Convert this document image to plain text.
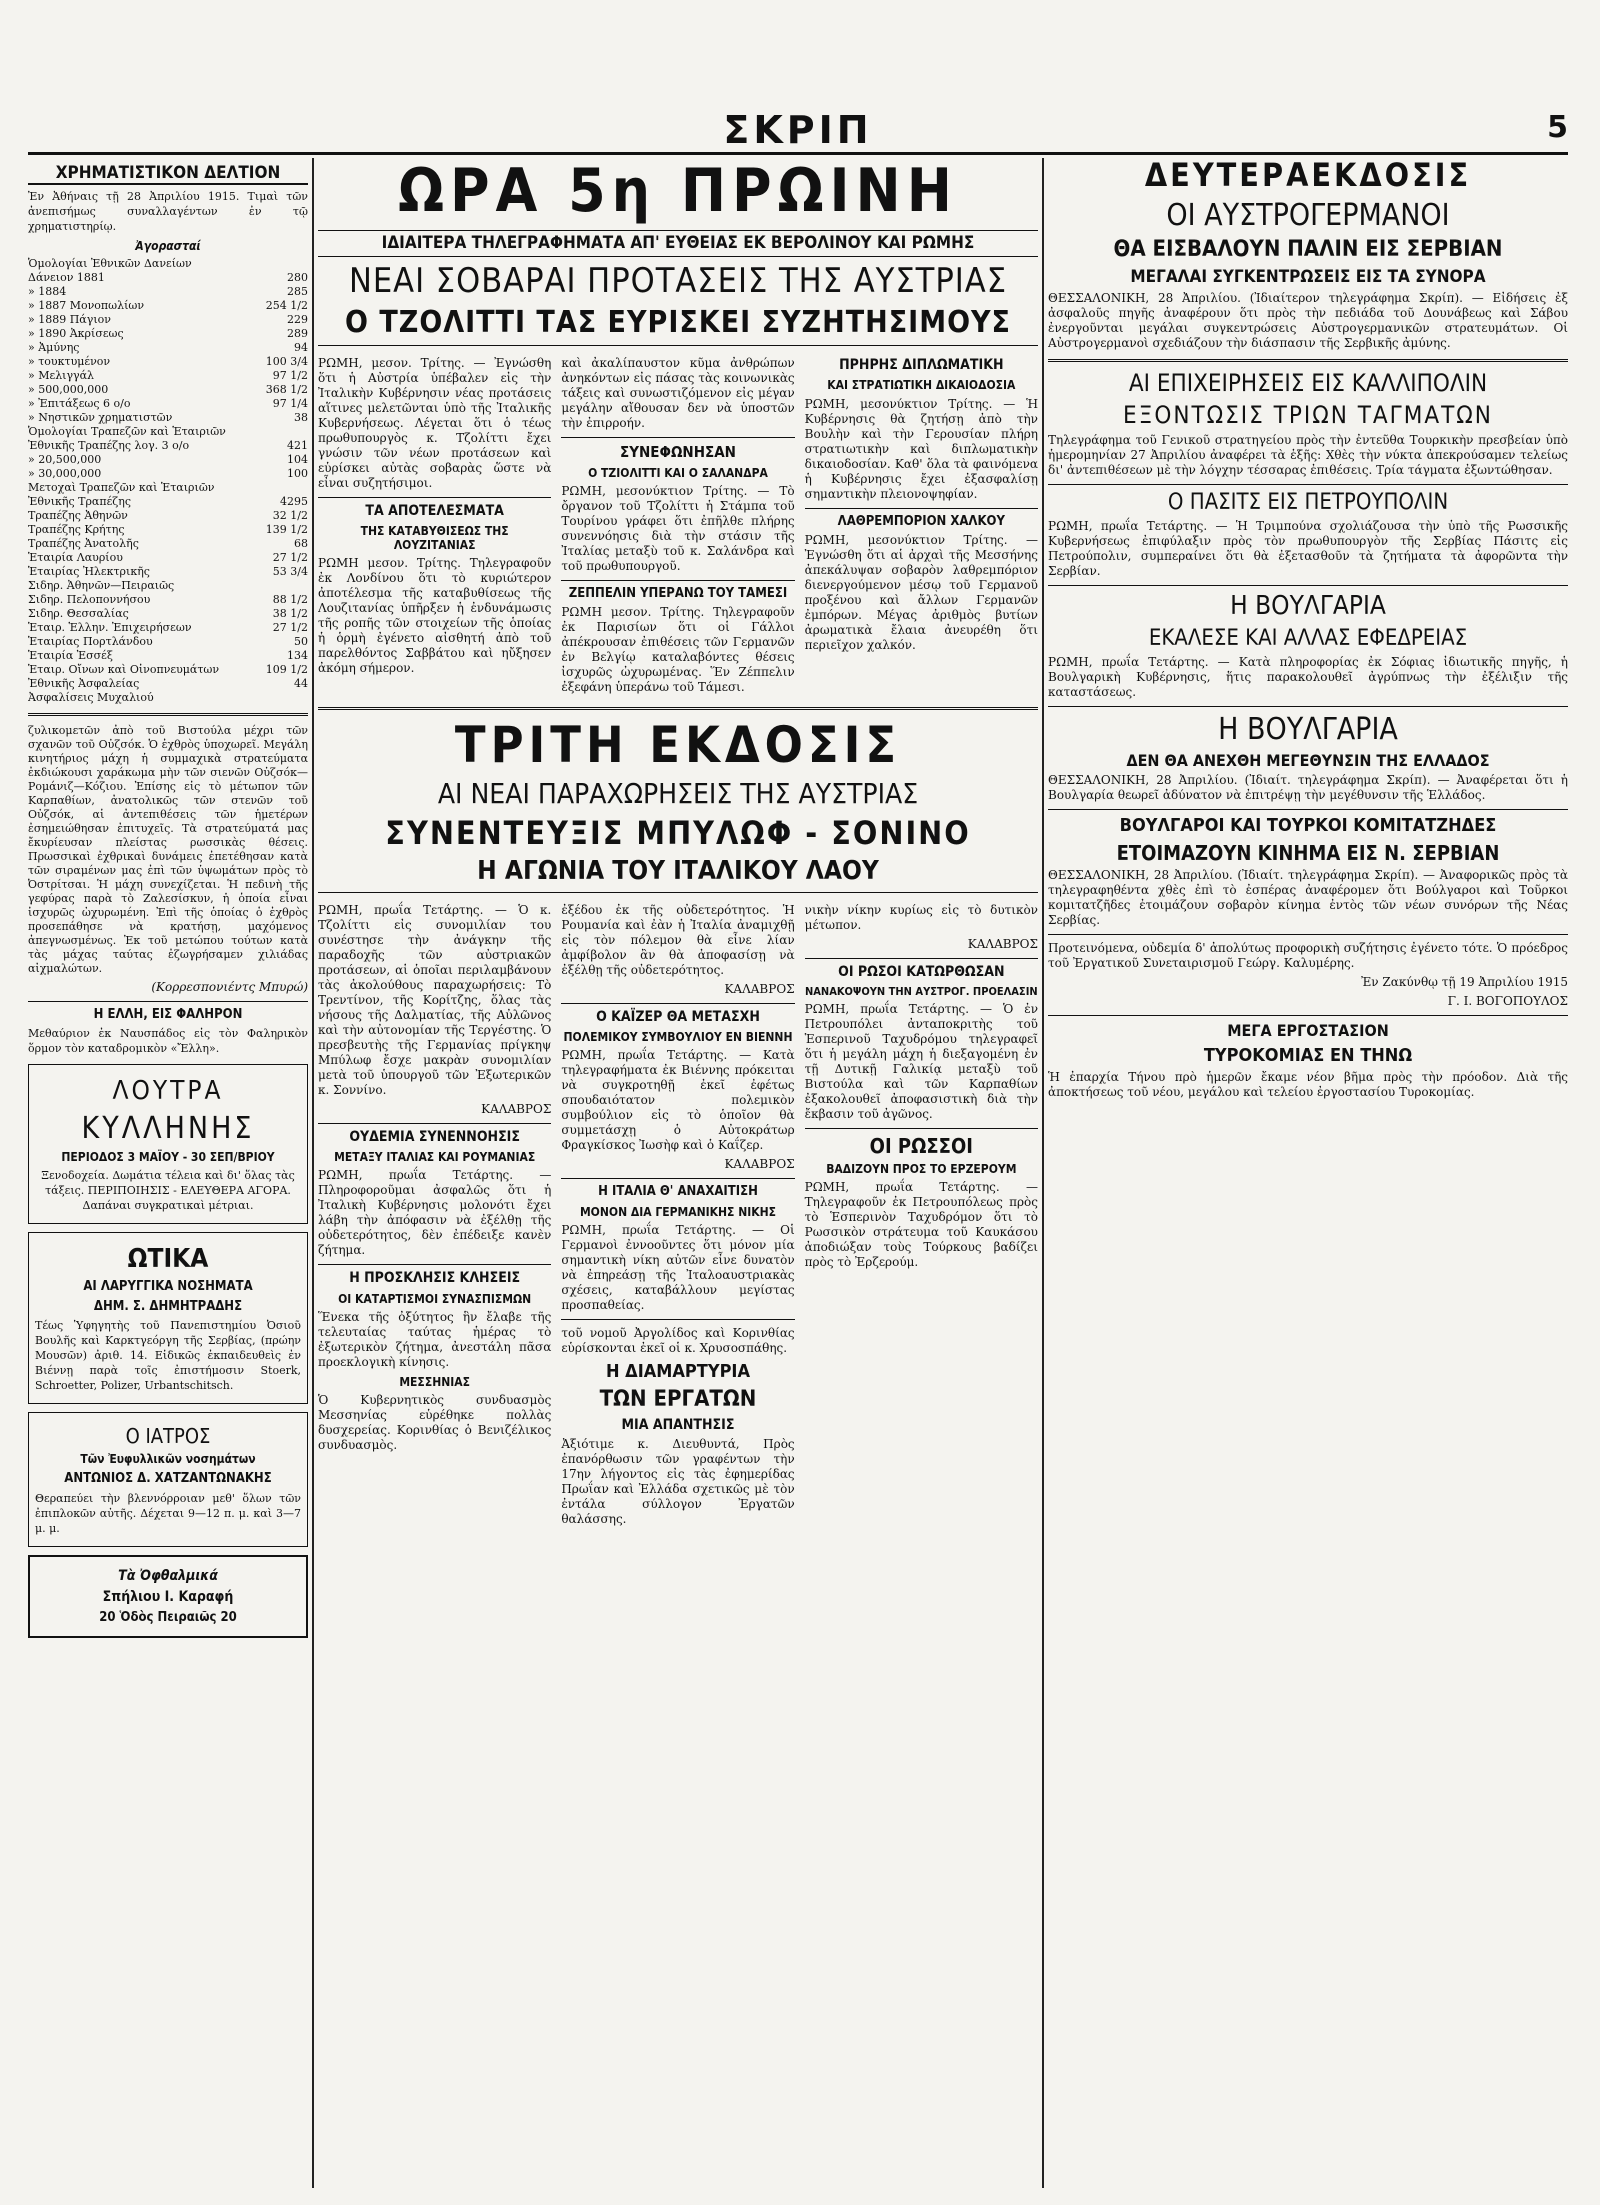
ΣΚΡΙΠ	5
ΧΡΗΜΑΤΙΣΤΙΚΟΝ ΔΕΛΤΙΟΝ
Ἐν Ἀθήναις τῇ 28 Ἀπριλίου 1915. Τιμαὶ τῶν ἀνεπισήμως συναλλαγέντων ἐν τῷ χρηματιστηρίῳ.
Ἀγορασταί
Ὁμολογίαι Ἐθνικῶν Δανείων
Δάνειον 1881	280
» 1884	285
» 1887 Μονοπωλίων	254 1/2
» 1889 Πάγιον	229
» 1890 Ἀκρίσεως	289
» Ἀμύνης	94
» τουκτυμένον	100 3/4
» Μελιγγάλ	97 1/2
» 500,000,000	368 1/2
» Ἐπιτάξεως 6 ο/ο	97 1/4
» Νηστικῶν χρηματιστῶν	38
Ὁμολογίαι Τραπεζῶν καὶ Ἑταιριῶν
Ἐθνικῆς Τραπέζης λογ. 3 ο/ο	421
» 20,500,000	104
» 30,000,000	100
Μετοχαὶ Τραπεζῶν καὶ Ἑταιριῶν
Ἐθνικῆς Τραπέζης	4295
Τραπέζης Ἀθηνῶν	32 1/2
Τραπέζης Κρήτης	139 1/2
Τραπέζης Ἀνατολῆς	68
Ἑταιρία Λαυρίου	27 1/2
Ἑταιρίας Ἠλεκτρικῆς	53 3/4
Σιδηρ. Ἀθηνῶν—Πειραιῶς
Σιδηρ. Πελοποννήσου	88 1/2
Σιδηρ. Θεσσαλίας	38 1/2
Ἑταιρ. Ἑλλην. Ἐπιχειρήσεων	27 1/2
Ἑταιρίας Πορτλάνδου	50
Ἑταιρία Ἐσσέξ	134
Ἑταιρ. Οἴνων καὶ Οἰνοπνευμάτων	109 1/2
Ἐθνικῆς Ἀσφαλείας	44
Ἀσφαλίσεις Μυχαλιού
ζυλικομετῶν ἀπὸ τοῦ Βιστούλα μέχρι τῶν σχανῶν τοῦ Οὐζσόκ. Ὁ ἐχθρὸς ὑποχωρεῖ. Μεγάλη κινητήριος μάχη ἡ συμμαχικὰ στρατεύματα ἐκδιώκουσι χαράκωμα μὴν τῶν σιενῶν Οὐζσόκ—Ρομάνιζ—Κόζιου. Ἐπίσης εἰς τὸ μέτωπον τῶν Καρπαθίων, ἀνατολικῶς τῶν στενῶν τοῦ Οὐζσόκ, αἱ ἀντεπιθέσεις τῶν ἡμετέρων ἐσημειώθησαν ἐπιτυχεῖς. Τὰ στρατεύματά μας ἔκυρίευσαν πλείστας ρωσσικὰς θέσεις. Πρωσσικαὶ ἐχθρικαὶ δυνάμεις ἐπετέθησαν κατὰ τῶν σιραμένων μας ἐπὶ τῶν ὑψωμάτων πρὸς τὸ Ὀστρίτσαι. Ἡ μάχη συνεχίζεται. Ἡ πεδινὴ τῆς γεφύρας παρὰ τὸ Ζαλεσίσκυν, ἡ ὁποία εἶναι ἰσχυρῶς ὠχυρωμένη. Ἐπὶ τῆς ὁποίας ὁ ἐχθρὸς προσεπάθησε νὰ κρατήσῃ, μαχόμενος ἀπεγνωσμένως. Ἐκ τοῦ μετώπου τούτων κατὰ τὰς μάχας ταύτας ἐζωγρήσαμεν χιλιάδας αἰχμαλώτων.
(Κορρεσπονιέντς Μπυρώ)
Η ΕΛΛΗ, ΕΙΣ ΦΑΛΗΡΟΝ
Μεθαύριον ἐκ Ναυσπάδος εἰς τὸν Φαληρικὸν ὅρμον τὸν καταδρομικὸν «Ἔλλη».
ΛΟΥΤΡΑ
ΚΥΛΛΗΝΗΣ
ΠΕΡΙΟΔΟΣ 3 ΜΑΪΟΥ - 30 ΣΕΠ/ΒΡΙΟΥ
Ξενοδοχεία. Δωμάτια τέλεια καὶ δι' ὅλας τὰς τάξεις. ΠΕΡΙΠΟΙΗΣΙΣ - ΕΛΕΥΘΕΡΑ ΑΓΟΡΑ. Δαπάναι συγκρατικαὶ μέτριαι.
ΩΤΙΚΑ
ΑΙ ΛΑΡΥΓΓΙΚΑ ΝΟΣΗΜΑΤΑ
ΔΗΜ. Σ. ΔΗΜΗΤΡΑΔΗΣ
Τέως Ὑφηγητὴς τοῦ Πανεπιστημίου Ὀσιοῦ Βουλῆς καὶ Καρκτγεόργη τῆς Σερβίας, (πρώην Μουσῶν) ἀριθ. 14. Εἰδικῶς ἐκπαιδευθεὶς ἐν Βιέννῃ παρὰ τοῖς ἐπιστήμοσιν Stoerk, Schroetter, Polizer, Urbantschitsch.
Ο ΙΑΤΡΟΣ
Τῶν Ἐυφυλλικῶν νοσημάτων
ΑΝΤΩΝΙΟΣ Δ. ΧΑΤΖΑΝΤΩΝΑΚΗΣ
Θεραπεύει τὴν βλεννόρροιαν μεθ' ὅλων τῶν ἐπιπλοκῶν αὐτῆς. Δέχεται 9—12 π. μ. καὶ 3—7 μ. μ.
Τὰ Ὀφθαλμικά
Σπήλιου Ι. Καραφή
20 Ὁδὸς Πειραιῶς 20
ΩΡΑ 5η ΠΡΩΙΝΗ
ΙΔΙΑΙΤΕΡΑ ΤΗΛΕΓΡΑΦΗΜΑΤΑ ΑΠ' ΕΥΘΕΙΑΣ ΕΚ ΒΕΡΟΛΙΝΟΥ ΚΑΙ ΡΩΜΗΣ
ΝΕΑΙ ΣΟΒΑΡΑΙ ΠΡΟΤΑΣΕΙΣ ΤΗΣ ΑΥΣΤΡΙΑΣ
Ο ΤΖΟΛΙΤΤΙ ΤΑΣ ΕΥΡΙΣΚΕΙ ΣΥΖΗΤΗΣΙΜΟΥΣ
ΡΩΜΗ, μεσον. Τρίτης. — Ἐγνώσθη ὅτι ἡ Αὐστρία ὑπέβαλεν εἰς τὴν Ἰταλικὴν Κυβέρνησιν νέας προτάσεις αἵτινες μελετῶνται ὑπὸ τῆς Ἰταλικῆς Κυβερνήσεως. Λέγεται ὅτι ὁ τέως πρωθυπουργὸς κ. Τζολίττι ἔχει γνώσιν τῶν νέων προτάσεων καὶ εὑρίσκει αὐτὰς σοβαρὰς ὥστε νὰ εἶναι συζητήσιμοι.
ΤΑ ΑΠΟΤΕΛΕΣΜΑΤΑ
ΤΗΣ ΚΑΤΑΒΥΘΙΣΕΩΣ ΤΗΣ ΛΟΥΖΙΤΑΝΙΑΣ
ΡΩΜΗ μεσον. Τρίτης. Τηλεγραφοῦν ἐκ Λονδίνου ὅτι τὸ κυριώτερον ἀποτέλεσμα τῆς καταβυθίσεως τῆς Λουζιτανίας ὑπῆρξεν ἡ ἐνδυνάμωσις τῆς ροπῆς τῶν στοιχείων τῆς ὁποίας ἡ ὁρμὴ ἐγένετο αἰσθητή ἀπὸ τοῦ παρελθόντος Σαββάτου καὶ ηὔξησεν ἀκόμη σήμερον.
καὶ ἀκαλίπαυστον κῦμα ἀνθρώπων ἀνηκόντων εἰς πάσας τὰς κοινωνικὰς τάξεις καὶ συνωστιζόμενον εἰς μέγαν μεγάλην αἴθουσαν δεν νὰ ὑποστῶν τὴν ἐπιρροήν.
ΣΥΝΕΦΩΝΗΣΑΝ
Ο ΤΖΙΟΛΙΤΤΙ ΚΑΙ Ο ΣΑΛΑΝΔΡΑ
ΡΩΜΗ, μεσονύκτιον Τρίτης. — Τὸ ὄργανον τοῦ Τζολίττι ἡ Στάμπα τοῦ Τουρίνου γράφει ὅτι ἐπῆλθε πλήρης συνεννόησις διὰ τὴν στάσιν τῆς Ἰταλίας μεταξὺ τοῦ κ. Σαλάνδρα καὶ τοῦ πρωθυπουργοῦ.
ΖΕΠΠΕΛΙΝ ΥΠΕΡΑΝΩ ΤΟΥ ΤΑΜΕΣΙ
ΡΩΜΗ μεσον. Τρίτης. Τηλεγραφοῦν ἐκ Παρισίων ὅτι οἱ Γάλλοι ἀπέκρουσαν ἐπιθέσεις τῶν Γερμανῶν ἐν Βελγίῳ καταλαβόντες θέσεις ἰσχυρῶς ὠχυρωμένας. Ἕν Ζέππελιν ἐξεφάνη ὑπεράνω τοῦ Τάμεσι.
ΠΡΗΡΗΣ ΔΙΠΛΩΜΑΤΙΚΗ
ΚΑΙ ΣΤΡΑΤΙΩΤΙΚΗ ΔΙΚΑΙΟΔΟΣΙΑ
ΡΩΜΗ, μεσονύκτιον Τρίτης. — Ἡ Κυβέρνησις θὰ ζητήσῃ ἀπὸ τὴν Βουλὴν καὶ τὴν Γερουσίαν πλήρη στρατιωτικὴν καὶ διπλωματικὴν δικαιοδοσίαν. Καθ' ὅλα τὰ φαινόμενα ἡ Κυβέρνησις ἔχει ἐξασφαλίσῃ σημαντικὴν πλειονοψηφίαν.
ΛΑΘΡΕΜΠΟΡΙΟΝ ΧΑΛΚΟΥ
ΡΩΜΗ, μεσονύκτιον Τρίτης. — Ἐγνώσθη ὅτι αἱ ἀρχαὶ τῆς Μεσσήνης ἀπεκάλυψαν σοβαρὸν λαθρεμπόριον διενεργούμενον μέσῳ τοῦ Γερμανοῦ προξένου καὶ ἄλλων Γερμανῶν ἐμπόρων. Μέγας ἀριθμὸς βυτίων ἀρωματικὰ ἔλαια ἀνευρέθη ὅτι περιεῖχον χαλκόν.
ΤΡΙΤΗ ΕΚΔΟΣΙΣ
ΑΙ ΝΕΑΙ ΠΑΡΑΧΩΡΗΣΕΙΣ ΤΗΣ ΑΥΣΤΡΙΑΣ
ΣΥΝΕΝΤΕΥΞΙΣ ΜΠΥΛΩΦ - ΣΟΝΙΝΟ
Η ΑΓΩΝΙΑ ΤΟΥ ΙΤΑΛΙΚΟΥ ΛΑΟΥ
ΡΩΜΗ, πρωΐα Τετάρτης. — Ὁ κ. Τζολίττι εἰς συνομιλίαν του συνέστησε τὴν ἀνάγκην τῆς παραδοχῆς τῶν αὐστριακῶν προτάσεων, αἱ ὁποῖαι περιλαμβάνουν τὰς ἀκολούθους παραχωρήσεις: Τὸ Τρεντίνον, τῆς Κορίτζης, ὅλας τὰς νήσους τῆς Δαλματίας, τῆς Αὐλῶνος καὶ τὴν αὐτονομίαν τῆς Τεργέστης. Ὁ πρεσβευτὴς τῆς Γερμανίας πρίγκηψ Μπύλωφ ἔσχε μακρὰν συνομιλίαν μετὰ τοῦ ὑπουργοῦ τῶν Ἐξωτερικῶν κ. Σοννίνο.
ΚΑΛΑΒΡΟΣ
ΟΥΔΕΜΙΑ ΣΥΝΕΝΝΟΗΣΙΣ
ΜΕΤΑΞΥ ΙΤΑΛΙΑΣ ΚΑΙ ΡΟΥΜΑΝΙΑΣ
ΡΩΜΗ, πρωΐα Τετάρτης. — Πληροφοροῦμαι ἀσφαλῶς ὅτι ἡ Ἰταλικὴ Κυβέρνησις μολονότι ἔχει λάβη τὴν ἀπόφασιν νὰ ἐξέλθῃ τῆς οὐδετερότητος, δὲν ἐπέδειξε κανὲν ζήτημα.
Η ΠΡΟΣΚΛΗΣΙΣ ΚΛΗΣΕΙΣ
ΟΙ ΚΑΤΑΡΤΙΣΜΟΙ ΣΥΝΑΣΠΙΣΜΩΝ
Ἕνεκα τῆς ὀξύτητος ἣν ἔλαβε τῆς τελευταίας ταύτας ἡμέρας τὸ ἐξωτερικὸν ζήτημα, ἀνεστάλη πᾶσα προεκλογικὴ κίνησις.
ΜΕΣΣΗΝΙΑΣ
Ὁ Κυβερνητικὸς συνδυασμὸς Μεσσηνίας εὑρέθηκε πολλὰς δυσχερείας. Κορινθίας ὁ Βενιζέλικος συνδυασμὸς.
ἐξέδου ἐκ τῆς οὐδετερότητος. Ἡ Ρουμανία καὶ ἐὰν ἡ Ἰταλία ἀναμιχθῇ εἰς τὸν πόλεμον θὰ εἶνε λίαν ἀμφίβολον ἂν θὰ ἀποφασίσῃ νὰ ἐξέλθῃ τῆς οὐδετερότητος.
ΚΑΛΑΒΡΟΣ
Ο ΚΑΪΖΕΡ ΘΑ ΜΕΤΑΣΧΗ
ΠΟΛΕΜΙΚΟΥ ΣΥΜΒΟΥΛΙΟΥ ΕΝ ΒΙΕΝΝΗ
ΡΩΜΗ, πρωΐα Τετάρτης. — Κατὰ τηλεγραφήματα ἐκ Βιέννης πρόκειται νὰ συγκροτηθῇ ἐκεῖ ἐφέτως σπουδαιότατον πολεμικὸν συμβούλιον εἰς τὸ ὁποῖον θὰ συμμετάσχῃ ὁ Αὐτοκράτωρ Φραγκίσκος Ἰωσὴφ καὶ ὁ Καΐζερ.
ΚΑΛΑΒΡΟΣ
Η ΙΤΑΛΙΑ Θ' ΑΝΑΧΑΙΤΙΣΗ
ΜΟΝΟΝ ΔΙΑ ΓΕΡΜΑΝΙΚΗΣ ΝΙΚΗΣ
ΡΩΜΗ, πρωΐα Τετάρτης. — Οἱ Γερμανοὶ ἐννοοῦντες ὅτι μόνον μία σημαντικὴ νίκη αὐτῶν εἶνε δυνατὸν νὰ ἐπηρεάσῃ τῆς Ἰταλοαυστριακὰς σχέσεις, καταβάλλουν μεγίστας προσπαθείας.
τοῦ νομοῦ Ἀργολίδος καὶ Κορινθίας εὑρίσκονται ἐκεῖ οἱ κ. Χρυσοσπάθης.
Η ΔΙΑΜΑΡΤΥΡΙΑ
ΤΩΝ ΕΡΓΑΤΩΝ
ΜΙΑ ΑΠΑΝΤΗΣΙΣ
Ἀξιότιμε κ. Διευθυντά, Πρὸς ἐπανόρθωσιν τῶν γραφέντων τὴν 17ην λήγοντος εἰς τὰς ἐφημερίδας Πρωΐαν καὶ Ἐλλάδα σχετικῶς μὲ τὸν ἐντάλα σύλλογον Ἐργατῶν θαλάσσης.
νικὴν νίκην κυρίως εἰς τὸ δυτικὸν μέτωπον.
ΚΑΛΑΒΡΟΣ
ΟΙ ΡΩΣΟΙ ΚΑΤΩΡΘΩΣΑΝ
ΝΑΝΑΚΟΨΟΥΝ ΤΗΝ ΑΥΣΤΡΟΓ. ΠΡΟΕΛΑΣΙΝ
ΡΩΜΗ, πρωΐα Τετάρτης. — Ὁ ἐν Πετρουπόλει ἀνταποκριτὴς τοῦ Ἑσπερινοῦ Ταχυδρόμου τηλεγραφεῖ ὅτι ἡ μεγάλη μάχη ἡ διεξαγομένη ἐν τῇ Δυτικῇ Γαλικίᾳ μεταξὺ τοῦ Βιστούλα καὶ τῶν Καρπαθίων ἐξακολουθεῖ ἀποφασιστικὴ διὰ τὴν ἔκβασιν τοῦ ἀγῶνος.
ΟΙ ΡΩΣΣΟΙ
ΒΑΔΙΖΟΥΝ ΠΡΟΣ ΤΟ ΕΡΖΕΡΟΥΜ
ΡΩΜΗ, πρωΐα Τετάρτης. — Τηλεγραφοῦν ἐκ Πετρουπόλεως πρὸς τὸ Ἑσπερινὸν Ταχυδρόμον ὅτι τὸ Ρωσσικὸν στράτευμα τοῦ Καυκάσου ἀποδιώξαν τοὺς Τούρκους βαδίζει πρὸς τὸ Ἐρζερούμ.
ΔΕΥΤΕΡΑΕΚΔΟΣΙΣ
ΟΙ ΑΥΣΤΡΟΓΕΡΜΑΝΟΙ
ΘΑ ΕΙΣΒΑΛΟΥΝ ΠΑΛΙΝ ΕΙΣ ΣΕΡΒΙΑΝ
ΜΕΓΑΛΑΙ ΣΥΓΚΕΝΤΡΩΣΕΙΣ ΕΙΣ ΤΑ ΣΥΝΟΡΑ
ΘΕΣΣΑΛΟΝΙΚΗ, 28 Ἀπριλίου. (Ἰδιαίτερον τηλεγράφημα Σκρίπ). — Εἰδήσεις ἐξ ἀσφαλοῦς πηγῆς ἀναφέρουν ὅτι πρὸς τὴν πεδιάδα τοῦ Δουνάβεως καὶ Σάβου ἐνεργοῦνται μεγάλαι συγκεντρώσεις Αὐστρογερμανικῶν στρατευμάτων. Οἱ Αὐστρογερμανοὶ σχεδιάζουν τὴν διάσπασιν τῆς Σερβικῆς ἀμύνης.
ΑΙ ΕΠΙΧΕΙΡΗΣΕΙΣ ΕΙΣ ΚΑΛΛΙΠΟΛΙΝ
ΕΞΟΝΤΩΣΙΣ ΤΡΙΩΝ ΤΑΓΜΑΤΩΝ
Τηλεγράφημα τοῦ Γενικοῦ στρατηγείου πρὸς τὴν ἐντεῦθα Τουρκικὴν πρεσβείαν ὑπὸ ἡμερομηνίαν 27 Ἀπριλίου ἀναφέρει τὰ ἑξῆς: Χθὲς τὴν νύκτα ἀπεκρούσαμεν τελείως δι' ἀντεπιθέσεων μὲ τὴν λόγχην τέσσαρας ἐπιθέσεις. Τρία τάγματα ἐξωντώθησαν.
Ο ΠΑΣΙΤΣ ΕΙΣ ΠΕΤΡΟΥΠΟΛΙΝ
ΡΩΜΗ, πρωΐα Τετάρτης. — Ἡ Τριμπούνα σχολιάζουσα τὴν ὑπὸ τῆς Ρωσσικῆς Κυβερνήσεως ἐπιφύλαξιν πρὸς τὸν πρωθυπουργὸν τῆς Σερβίας Πάσιτς εἰς Πετρούπολιν, συμπεραίνει ὅτι θὰ ἐξετασθοῦν τὰ ζητήματα τὰ ἀφορῶντα τὴν Σερβίαν.
Η ΒΟΥΛΓΑΡΙΑ
ΕΚΑΛΕΣΕ ΚΑΙ ΑΛΛΑΣ ΕΦΕΔΡΕΙΑΣ
ΡΩΜΗ, πρωΐα Τετάρτης. — Κατὰ πληροφορίας ἐκ Σόφιας ἰδιωτικῆς πηγῆς, ἡ Βουλγαρικὴ Κυβέρνησις, ἥτις παρακολουθεῖ ἀγρύπνως τὴν ἐξέλιξιν τῆς καταστάσεως.
Η ΒΟΥΛΓΑΡΙΑ
ΔΕΝ ΘΑ ΑΝΕΧΘΗ ΜΕΓΕΘΥΝΣΙΝ ΤΗΣ ΕΛΛΑΔΟΣ
ΘΕΣΣΑΛΟΝΙΚΗ, 28 Ἀπριλίου. (Ἰδιαίτ. τηλεγράφημα Σκρίπ). — Ἀναφέρεται ὅτι ἡ Βουλγαρία θεωρεῖ ἀδύνατον νὰ ἐπιτρέψῃ τὴν μεγέθυνσιν τῆς Ἑλλάδος.
ΒΟΥΛΓΑΡΟΙ ΚΑΙ ΤΟΥΡΚΟΙ ΚΟΜΙΤΑΤΖΗΔΕΣ
ΕΤΟΙΜΑΖΟΥΝ ΚΙΝΗΜΑ ΕΙΣ Ν. ΣΕΡΒΙΑΝ
ΘΕΣΣΑΛΟΝΙΚΗ, 28 Ἀπριλίου. (Ἰδιαίτ. τηλεγράφημα Σκρίπ). — Ἀναφορικῶς πρὸς τὰ τηλεγραφηθέντα χθὲς ἐπὶ τὸ ἐσπέρας ἀναφέρομεν ὅτι Βούλγαροι καὶ Τοῦρκοι κομιτατζῆδες ἐτοιμάζουν σοβαρὸν κίνημα ἐντὸς τῶν νέων συνόρων τῆς Νέας Σερβίας.
Προτεινόμενα, οὐδεμία δ' ἀπολύτως προφορικὴ συζήτησις ἐγένετο τότε. Ὁ πρόεδρος τοῦ Ἐργατικοῦ Συνεταιρισμοῦ Γεώργ. Καλυμέρης.
Ἐν Ζακύνθῳ τῇ 19 Ἀπριλίου 1915
Γ. Ι. ΒΟΓΟΠΟΥΛΟΣ
ΜΕΓΑ ΕΡΓΟΣΤΑΣΙΟΝ
ΤΥΡΟΚΟΜΙΑΣ ΕΝ ΤΗΝΩ
Ἡ ἐπαρχία Τήνου πρὸ ἡμερῶν ἔκαμε νέον βῆμα πρὸς τὴν πρόοδον. Διὰ τῆς ἀποκτήσεως τοῦ νέου, μεγάλου καὶ τελείου ἐργοστασίου Τυροκομίας.
